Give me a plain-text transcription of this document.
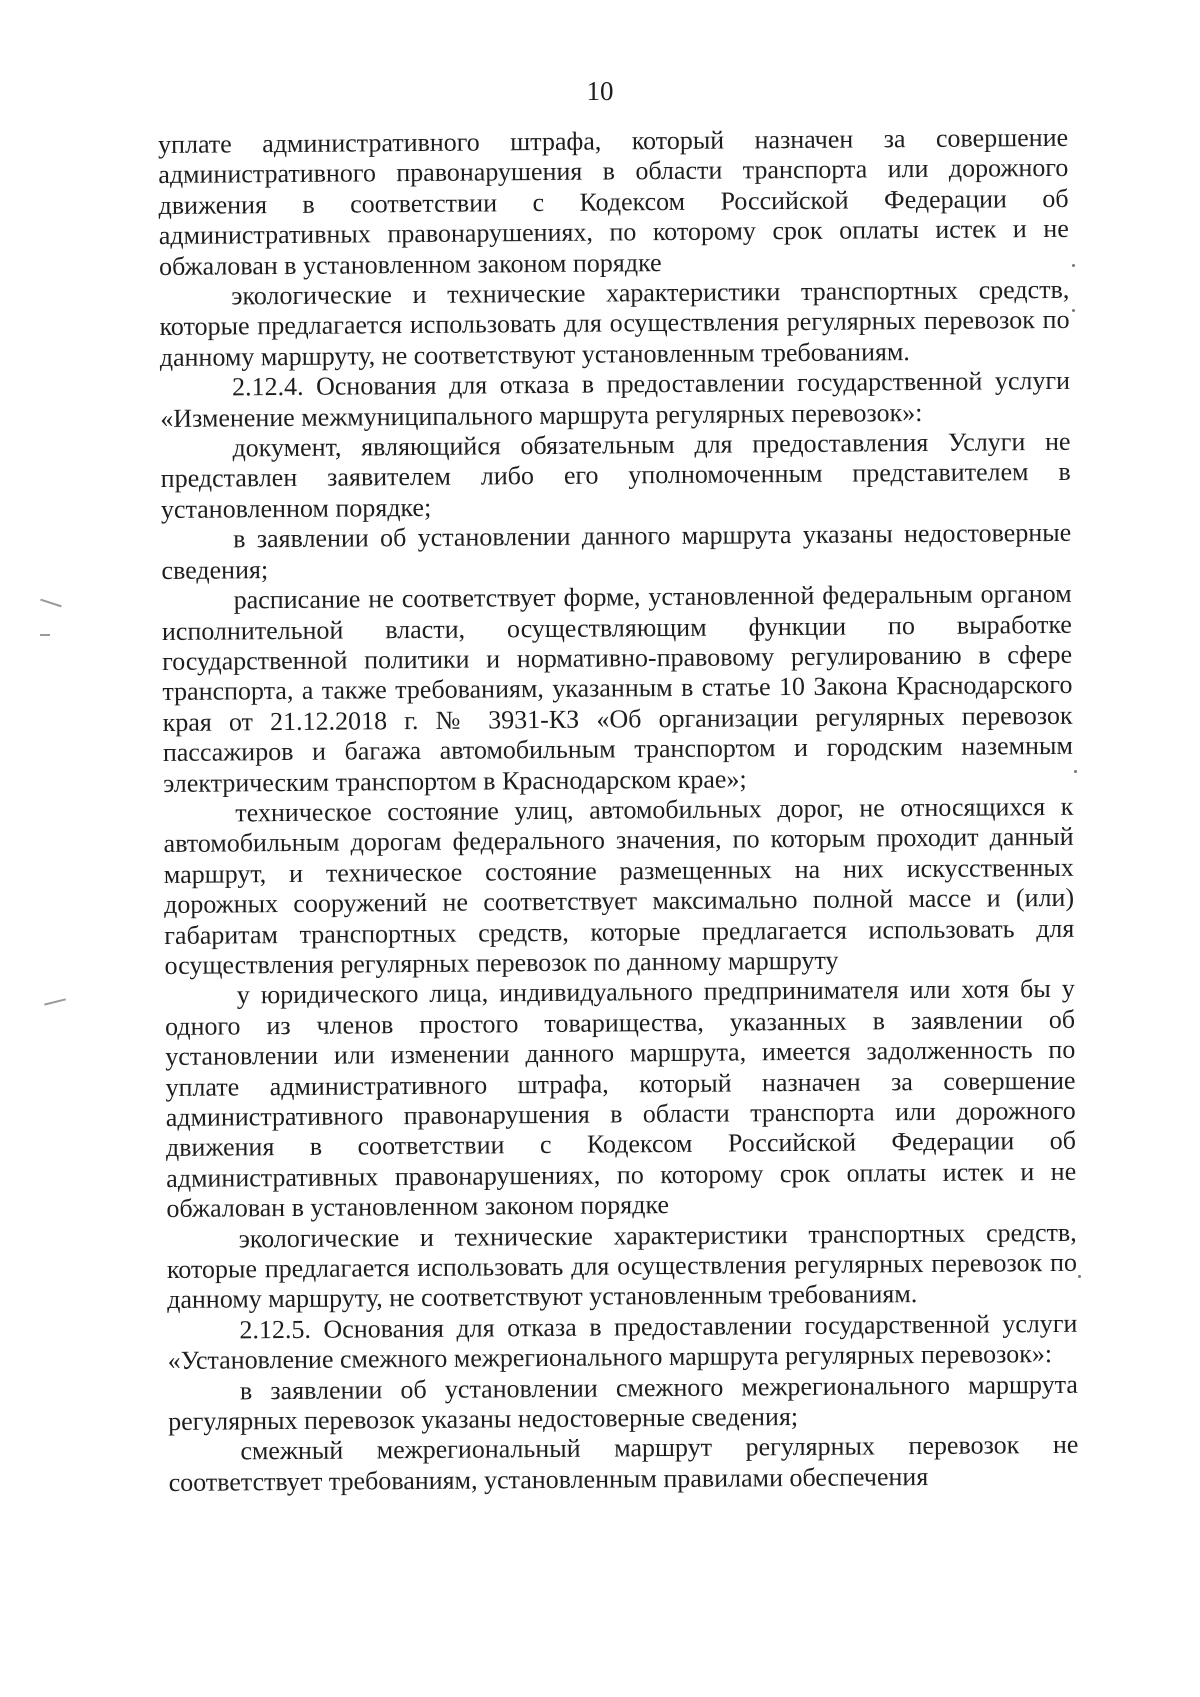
10

уплате административного штрафа, который назначен за совершение административного правонарушения в области транспорта или дорожного движения в соответствии с Кодексом Российской Федерации об административных правонарушениях, по которому срок оплаты истек и не обжалован в установленном законом порядке

экологические и технические характеристики транспортных средств, которые предлагается использовать для осуществления регулярных перевозок по данному маршруту, не соответствуют установленным требованиям.

2.12.4. Основания для отказа в предоставлении государственной услуги «Изменение межмуниципального маршрута регулярных перевозок»:

документ, являющийся обязательным для предоставления Услуги не представлен заявителем либо его уполномоченным представителем в установленном порядке;

в заявлении об установлении данного маршрута указаны недостоверные сведения;

расписание не соответствует форме, установленной федеральным органом исполнительной власти, осуществляющим функции по выработке государственной политики и нормативно-правовому регулированию в сфере транспорта, а также требованиям, указанным в статье 10 Закона Краснодарского края от 21.12.2018 г. № 3931-КЗ «Об организации регулярных перевозок пассажиров и багажа автомобильным транспортом и городским наземным электрическим транспортом в Краснодарском крае»;

техническое состояние улиц, автомобильных дорог, не относящихся к автомобильным дорогам федерального значения, по которым проходит данный маршрут, и техническое состояние размещенных на них искусственных дорожных сооружений не соответствует максимально полной массе и (или) габаритам транспортных средств, которые предлагается использовать для осуществления регулярных перевозок по данному маршруту

у юридического лица, индивидуального предпринимателя или хотя бы у одного из членов простого товарищества, указанных в заявлении об установлении или изменении данного маршрута, имеется задолженность по уплате административного штрафа, который назначен за совершение административного правонарушения в области транспорта или дорожного движения в соответствии с Кодексом Российской Федерации об административных правонарушениях, по которому срок оплаты истек и не обжалован в установленном законом порядке

экологические и технические характеристики транспортных средств, которые предлагается использовать для осуществления регулярных перевозок по данному маршруту, не соответствуют установленным требованиям.

2.12.5. Основания для отказа в предоставлении государственной услуги «Установление смежного межрегионального маршрута регулярных перевозок»:

в заявлении об установлении смежного межрегионального маршрута регулярных перевозок указаны недостоверные сведения;

смежный межрегиональный маршрут регулярных перевозок не соответствует требованиям, установленным правилами обеспечения
